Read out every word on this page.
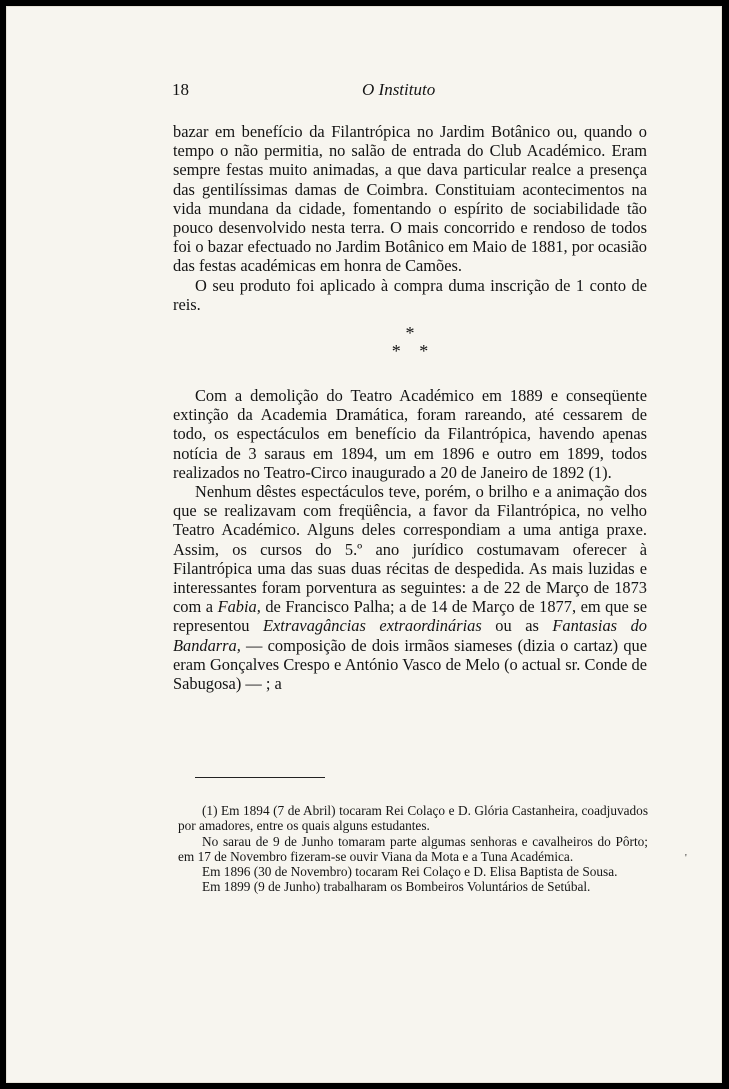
18	O Instituto

bazar em benefício da Filantrópica no Jardim Botânico ou, quando o tempo o não permitia, no salão de entrada do Club Académico. Eram sempre festas muito animadas, a que dava particular realce a presença das gentilíssimas damas de Coimbra. Constituiam acontecimentos na vida mundana da cidade, fomentando o espírito de sociabilidade tão pouco desenvolvido nesta terra. O mais concorrido e rendoso de todos foi o bazar efectuado no Jardim Botânico em Maio de 1881, por ocasião das festas académicas em honra de Camões.

O seu produto foi aplicado à compra duma inscrição de 1 conto de reis.

*
* *

Com a demolição do Teatro Académico em 1889 e conseqüente extinção da Academia Dramática, foram rareando, até cessarem de todo, os espectáculos em benefício da Filantrópica, havendo apenas notícia de 3 saraus em 1894, um em 1896 e outro em 1899, todos realizados no Teatro-Circo inaugurado a 20 de Janeiro de 1892 (1).

Nenhum dêstes espectáculos teve, porém, o brilho e a animação dos que se realizavam com freqüência, a favor da Filantrópica, no velho Teatro Académico. Alguns deles correspondiam a uma antiga praxe. Assim, os cursos do 5.º ano jurídico costumavam oferecer à Filantrópica uma das suas duas récitas de despedida. As mais luzidas e interessantes foram porventura as seguintes: a de 22 de Março de 1873 com a Fabia, de Francisco Palha; a de 14 de Março de 1877, em que se representou Extravagâncias extraordinárias ou as Fantasias do Bandarra, — composição de dois irmãos siameses (dizia o cartaz) que eram Gonçalves Crespo e António Vasco de Melo (o actual sr. Conde de Sabugosa) — ; a

(1) Em 1894 (7 de Abril) tocaram Rei Colaço e D. Glória Castanheira, coadjuvados por amadores, entre os quais alguns estudantes.

No sarau de 9 de Junho tomaram parte algumas senhoras e cavalheiros do Pôrto; em 17 de Novembro fizeram-se ouvir Viana da Mota e a Tuna Académica.

Em 1896 (30 de Novembro) tocaram Rei Colaço e D. Elisa Baptista de Sousa.

Em 1899 (9 de Junho) trabalharam os Bombeiros Voluntários de Setúbal.

'
